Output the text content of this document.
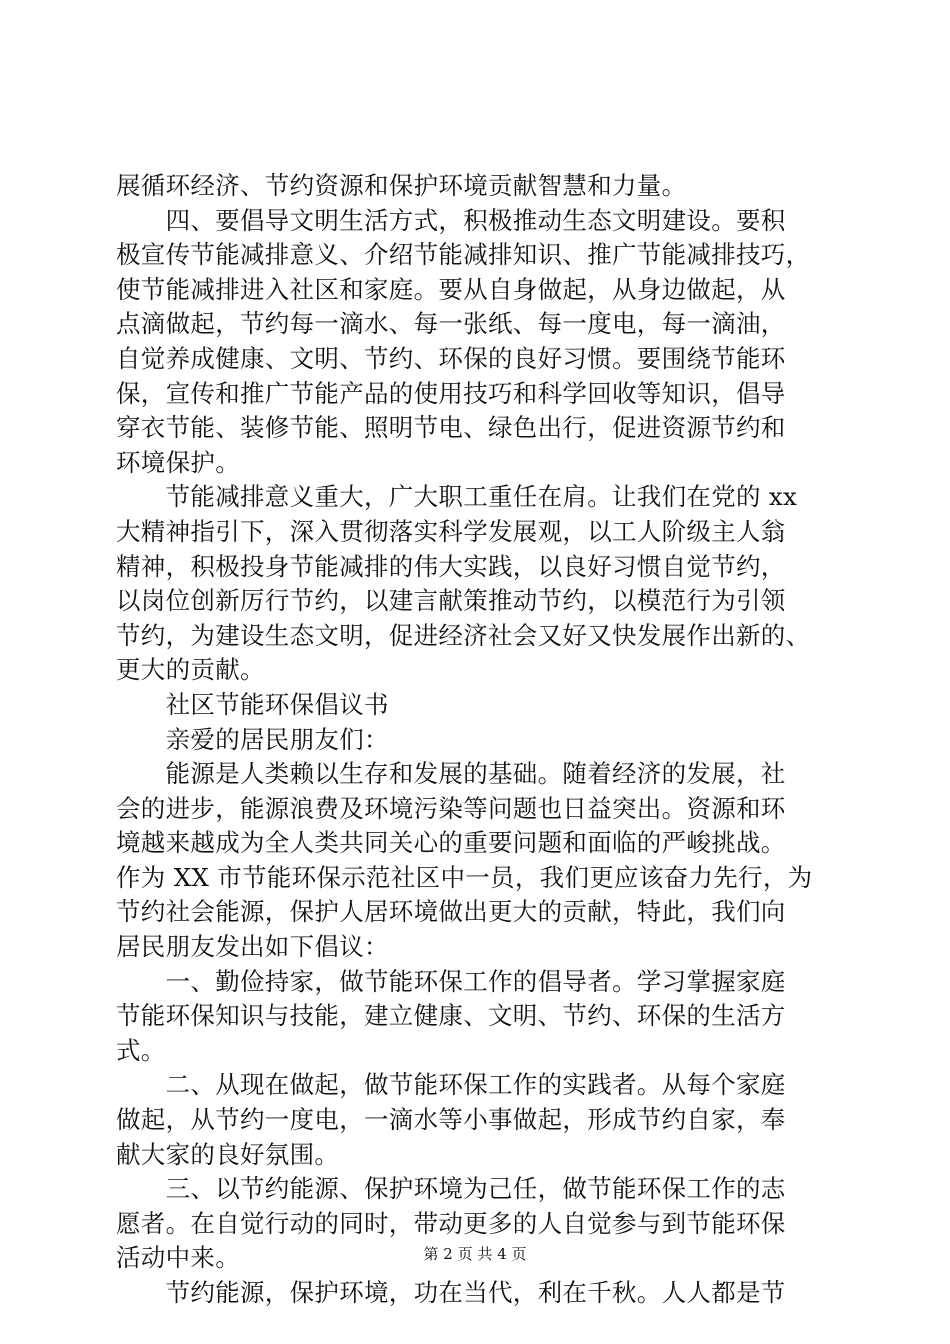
展循环经济、节约资源和保护环境贡献智慧和力量。
　　四、要倡导文明生活方式，积极推动生态文明建设。要积
极宣传节能减排意义、介绍节能减排知识、推广节能减排技巧，
使节能减排进入社区和家庭。要从自身做起，从身边做起，从
点滴做起，节约每一滴水、每一张纸、每一度电，每一滴油，
自觉养成健康、文明、节约、环保的良好习惯。要围绕节能环
保，宣传和推广节能产品的使用技巧和科学回收等知识，倡导
穿衣节能、装修节能、照明节电、绿色出行，促进资源节约和
环境保护。
　　节能减排意义重大，广大职工重任在肩。让我们在党的 xx
大精神指引下，深入贯彻落实科学发展观，以工人阶级主人翁
精神，积极投身节能减排的伟大实践，以良好习惯自觉节约，
以岗位创新厉行节约，以建言献策推动节约，以模范行为引领
节约，为建设生态文明，促进经济社会又好又快发展作出新的、
更大的贡献。
　　社区节能环保倡议书
　　亲爱的居民朋友们：
　　能源是人类赖以生存和发展的基础。随着经济的发展，社
会的进步，能源浪费及环境污染等问题也日益突出。资源和环
境越来越成为全人类共同关心的重要问题和面临的严峻挑战。
作为 XX 市节能环保示范社区中一员，我们更应该奋力先行，为
节约社会能源，保护人居环境做出更大的贡献，特此，我们向
居民朋友发出如下倡议：
　　一、勤俭持家，做节能环保工作的倡导者。学习掌握家庭
节能环保知识与技能，建立健康、文明、节约、环保的生活方
式。
　　二、从现在做起，做节能环保工作的实践者。从每个家庭
做起，从节约一度电，一滴水等小事做起，形成节约自家，奉
献大家的良好氛围。
　　三、以节约能源、保护环境为己任，做节能环保工作的志
愿者。在自觉行动的同时，带动更多的人自觉参与到节能环保
活动中来。
　　节约能源，保护环境，功在当代，利在千秋。人人都是节
第 2 页 共 4 页
